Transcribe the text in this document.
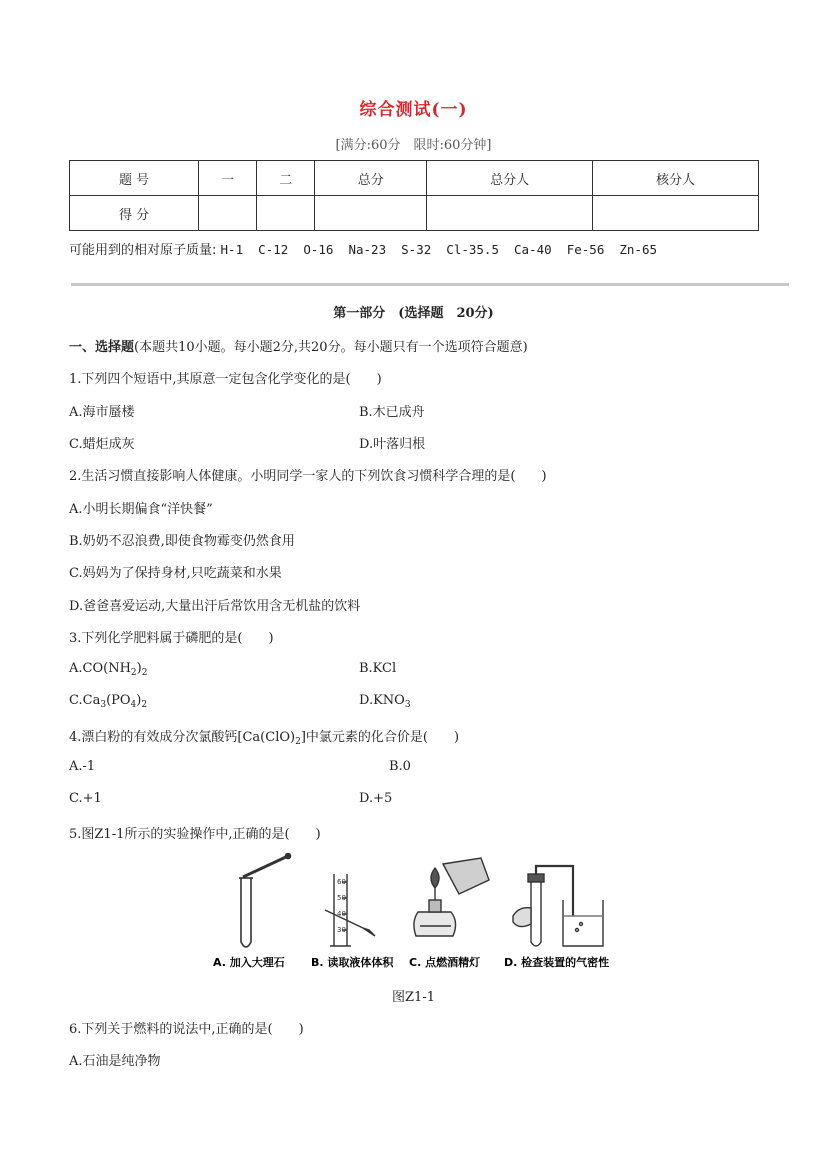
综合测试(一)
[满分:60分　限时:60分钟]
题 号	一	二	总分	总分人	核分人
得 分					
可能用到的相对原子质量: H-1  C-12  O-16  Na-23  S-32  Cl-35.5  Ca-40  Fe-56  Zn-65
第一部分　(选择题　20分)
一、选择题(本题共10小题。每小题2分,共20分。每小题只有一个选项符合题意)
1.下列四个短语中,其原意一定包含化学变化的是(　　)
A.海市蜃楼	B.木已成舟
C.蜡炬成灰	D.叶落归根
2.生活习惯直接影响人体健康。小明同学一家人的下列饮食习惯科学合理的是(　　)
A.小明长期偏食“洋快餐”
B.奶奶不忍浪费,即使食物霉变仍然食用
C.妈妈为了保持身材,只吃蔬菜和水果
D.爸爸喜爱运动,大量出汗后常饮用含无机盐的饮料
3.下列化学肥料属于磷肥的是(　　)
$A.CO(NH_2)_2$	B.KCl
$C.Ca_3(PO_4)_2$	$D.KNO_3$
4.漂白粉的有效成分次氯酸钙$[Ca(ClO)_2]$中氯元素的化合价是(　　)
A.-1	B.0
C.+1	D.+5
5.图Z1-1所示的实验操作中,正确的是(　　)
60
50
40
30
A. 加入大理石 B. 读取液体体积 C. 点燃酒精灯 D. 检查装置的气密性
图Z1-1
6.下列关于燃料的说法中,正确的是(　　)
A.石油是纯净物
